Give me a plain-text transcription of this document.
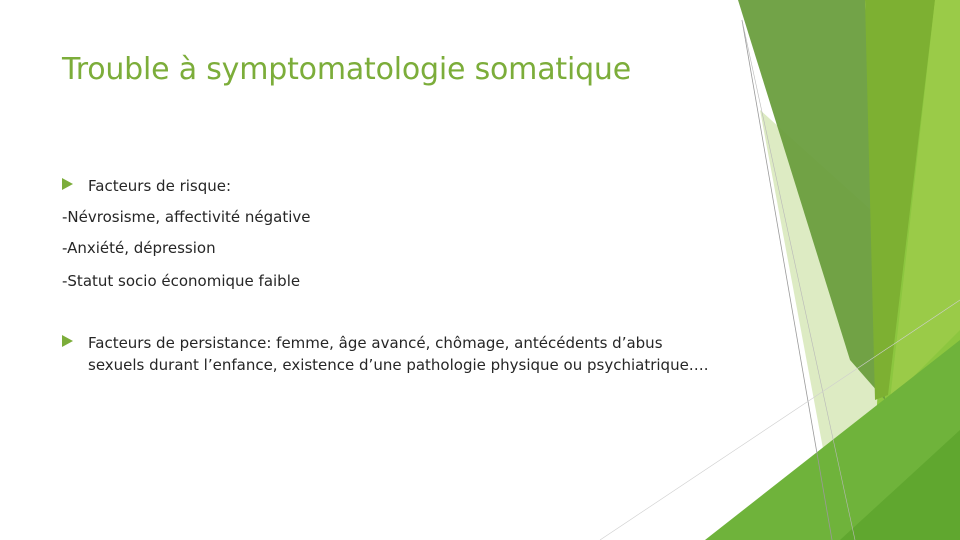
Trouble à symptomatologie somatique
Facteurs de risque:
-Névrosisme, affectivité négative
-Anxiété, dépression
-Statut socio économique faible
Facteurs de persistance: femme, âge avancé, chômage, antécédents d’abus sexuels durant l’enfance, existence d’une pathologie physique ou psychiatrique….
